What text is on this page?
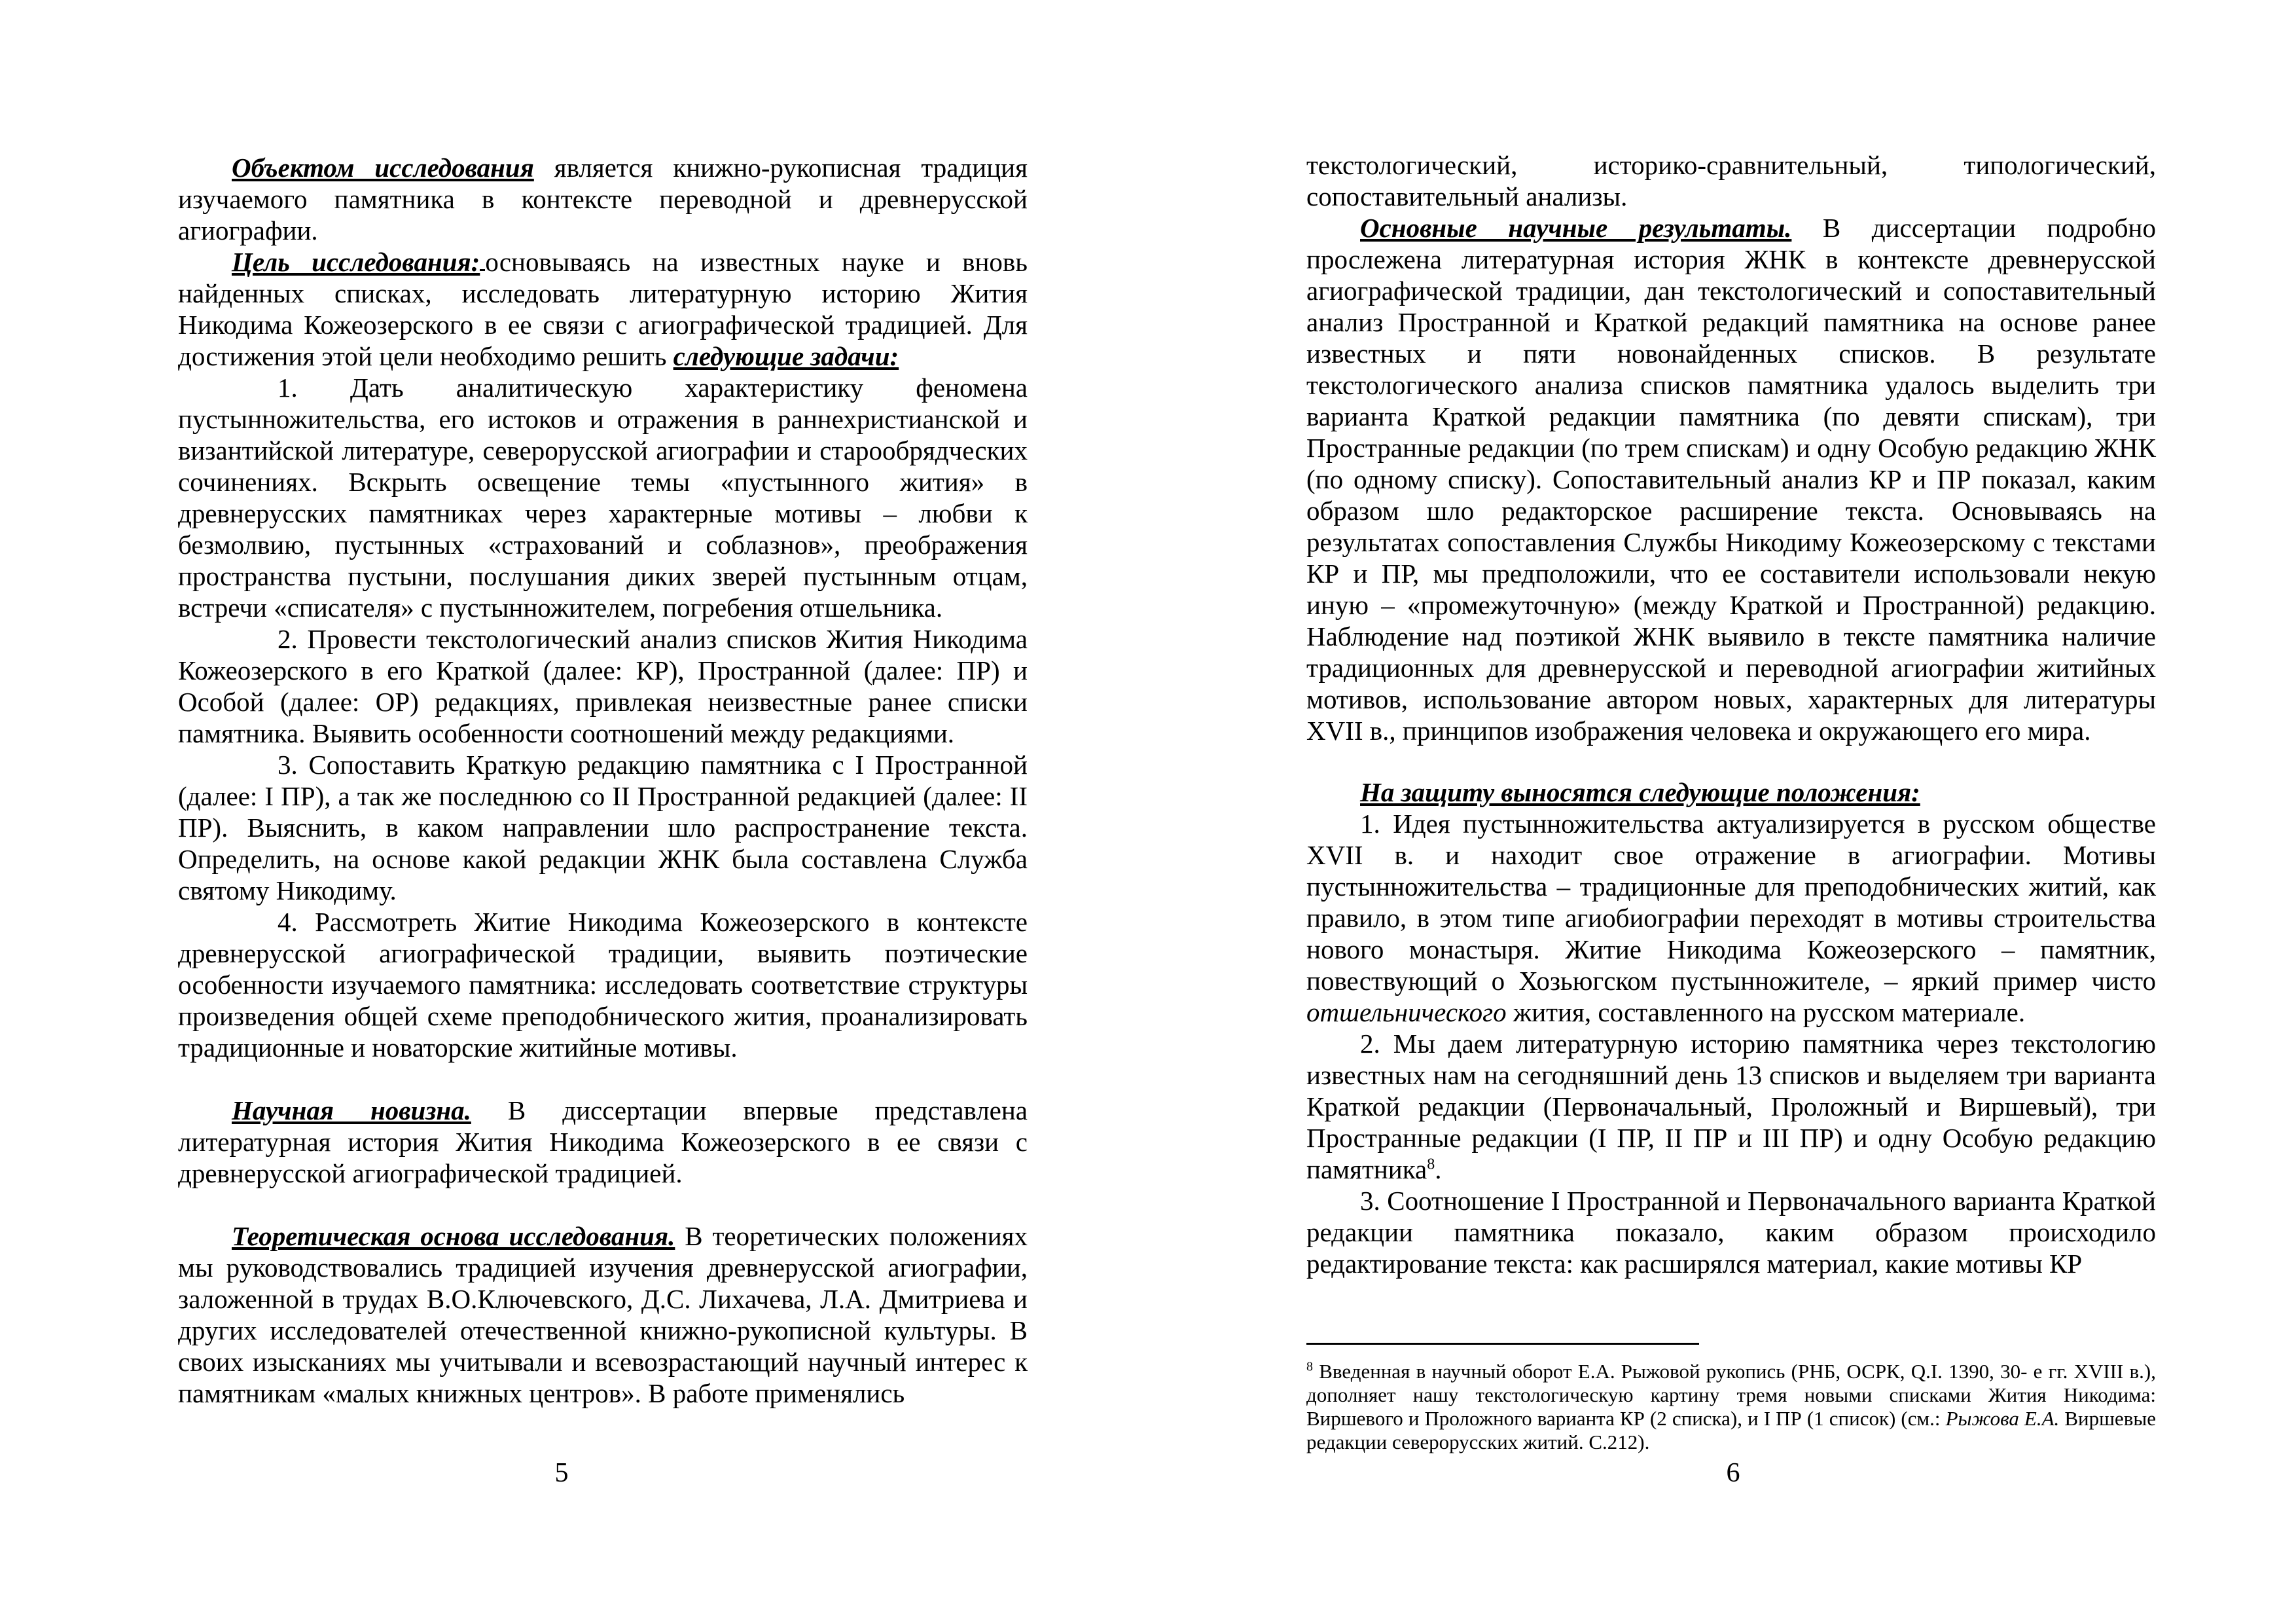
Объектом исследования является книжно-рукописная традиция изучаемого памятника в контексте переводной и древнерусской агиографии.

Цель исследования: основываясь на известных науке и вновь найденных списках, исследовать литературную историю Жития Никодима Кожеозерского в ее связи с агиографической традицией. Для достижения этой цели необходимо решить следующие задачи:

1. Дать аналитическую характеристику феномена пустынножительства, его истоков и отражения в раннехристианской и византийской литературе, северорусской агиографии и старообрядческих сочинениях. Вскрыть освещение темы «пустынного жития» в древнерусских памятниках через характерные мотивы – любви к безмолвию, пустынных «страхований и соблазнов», преображения пространства пустыни, послушания диких зверей пустынным отцам, встречи «списателя» с пустынножителем, погребения отшельника.

2. Провести текстологический анализ списков Жития Никодима Кожеозерского в его Краткой (далее: КР), Пространной (далее: ПР) и Особой (далее: ОР) редакциях, привлекая неизвестные ранее списки памятника. Выявить особенности соотношений между редакциями.

3. Сопоставить Краткую редакцию памятника с I Пространной (далее: I ПР), а так же последнюю со II Пространной редакцией (далее: II ПР). Выяснить, в каком направлении шло распространение текста. Определить, на основе какой редакции ЖНК была составлена Служба святому Никодиму.

4. Рассмотреть Житие Никодима Кожеозерского в контексте древнерусской агиографической традиции, выявить поэтические особенности изучаемого памятника: исследовать соответствие структуры произведения общей схеме преподобнического жития, проанализировать традиционные и новаторские житийные мотивы.

Научная новизна. В диссертации впервые представлена литературная история Жития Никодима Кожеозерского в ее связи с древнерусской агиографической традицией.

Теоретическая основа исследования. В теоретических положениях мы руководствовались традицией изучения древнерусской агиографии, заложенной в трудах В.О.Ключевского, Д.С. Лихачева, Л.А. Дмитриева и других исследователей отечественной книжно-рукописной культуры. В своих изысканиях мы учитывали и всевозрастающий научный интерес к памятникам «малых книжных центров». В работе применялись

5

текстологический, историко-сравнительный, типологический, сопоставительный анализы.

Основные научные результаты. В диссертации подробно прослежена литературная история ЖНК в контексте древнерусской агиографической традиции, дан текстологический и сопоставительный анализ Пространной и Краткой редакций памятника на основе ранее известных и пяти новонайденных списков. В результате текстологического анализа списков памятника удалось выделить три варианта Краткой редакции памятника (по девяти спискам), три Пространные редакции (по трем спискам) и одну Особую редакцию ЖНК (по одному списку). Сопоставительный анализ КР и ПР показал, каким образом шло редакторское расширение текста. Основываясь на результатах сопоставления Службы Никодиму Кожеозерскому с текстами КР и ПР, мы предположили, что ее составители использовали некую иную – «промежуточную» (между Краткой и Пространной) редакцию. Наблюдение над поэтикой ЖНК выявило в тексте памятника наличие традиционных для древнерусской и переводной агиографии житийных мотивов, использование автором новых, характерных для литературы XVII в., принципов изображения человека и окружающего его мира.

На защиту выносятся следующие положения:

1. Идея пустынножительства актуализируется в русском обществе XVII в. и находит свое отражение в агиографии. Мотивы пустынножительства – традиционные для преподобнических житий, как правило, в этом типе агиобиографии переходят в мотивы строительства нового монастыря. Житие Никодима Кожеозерского – памятник, повествующий о Хозьюгском пустынножителе, – яркий пример чисто отшельнического жития, составленного на русском материале.

2. Мы даем литературную историю памятника через текстологию известных нам на сегодняшний день 13 списков и выделяем три варианта Краткой редакции (Первоначальный, Проложный и Виршевый), три Пространные редакции (I ПР, II ПР и III ПР) и одну Особую редакцию памятника$^8$.

3. Соотношение I Пространной и Первоначального варианта Краткой редакции памятника показало, каким образом происходило редактирование текста: как расширялся материал, какие мотивы КР

$^8$ Введенная в научный оборот Е.А. Рыжовой рукопись (РНБ, ОСРК, Q.I. 1390, 30- е гг. XVIII в.), дополняет нашу текстологическую картину тремя новыми списками Жития Никодима: Виршевого и Проложного варианта КР (2 списка), и I ПР (1 список) (см.: Рыжова Е.А. Виршевые редакции северорусских житий. С.212).
6
